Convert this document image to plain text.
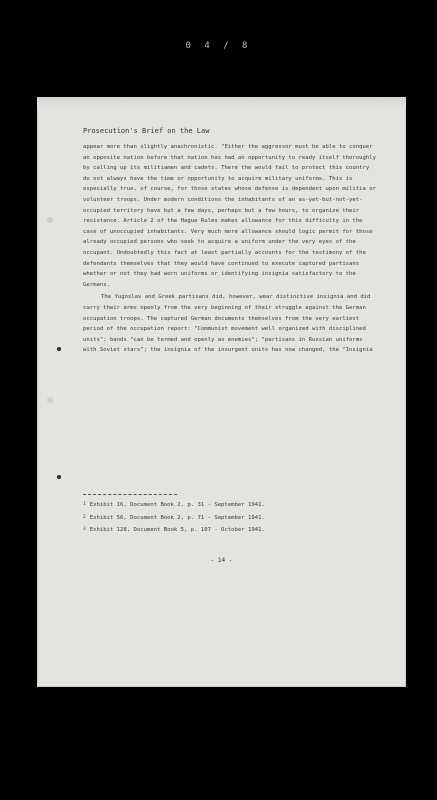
0 4 / 8
Prosecution's Brief on the Law

appear more than slightly anachronistic. "Either the aggressor must be able to conquer an opposite nation before that nation has had an opportunity to ready itself thoroughly by calling up its militiamen and cadets. There the would fail to protect this country do not always have the time or opportunity to acquire military uniforms. This is especially true, of course, for those states whose defense is dependent upon militia or volunteer troops. Under modern conditions the inhabitants of an as-yet-but-not-yet-occupied territory have but a few days, perhaps but a few hours, to organize their resistance. Article 2 of the Hague Rules makes allowance for this difficulty in the case of unoccupied inhabitants. Very much more allowance should logic permit for those already occupied persons who seek to acquire a uniform under the very eyes of the occupant. Undoubtedly this fact at least partially accounts for the testimony of the defendants themselves that they would have continued to execute captured partisans whether or not they had worn uniforms or identifying insignia satisfactory to the Germans.

The Yugoslav and Greek partisans did, however, wear distinctive insignia and did carry their arms openly from the very beginning of their struggle against the German occupation troops. The captured German documents themselves from the very earliest period of the occupation report: "Communist movement well organized with disciplined units"; bands "can be termed and openly as enemies"; "partisans in Russian uniforms with Soviet stars"; the insignia of the insurgent units has now changed, the "Insignia

$^1$ Exhibit 16, Document Book 2, p. 31 - September 1941.
$^2$ Exhibit 56, Document Book 2, p. 71 - September 1941.
$^3$ Exhibit 128, Document Book 5, p. 107 - October 1941.
- 14 -
